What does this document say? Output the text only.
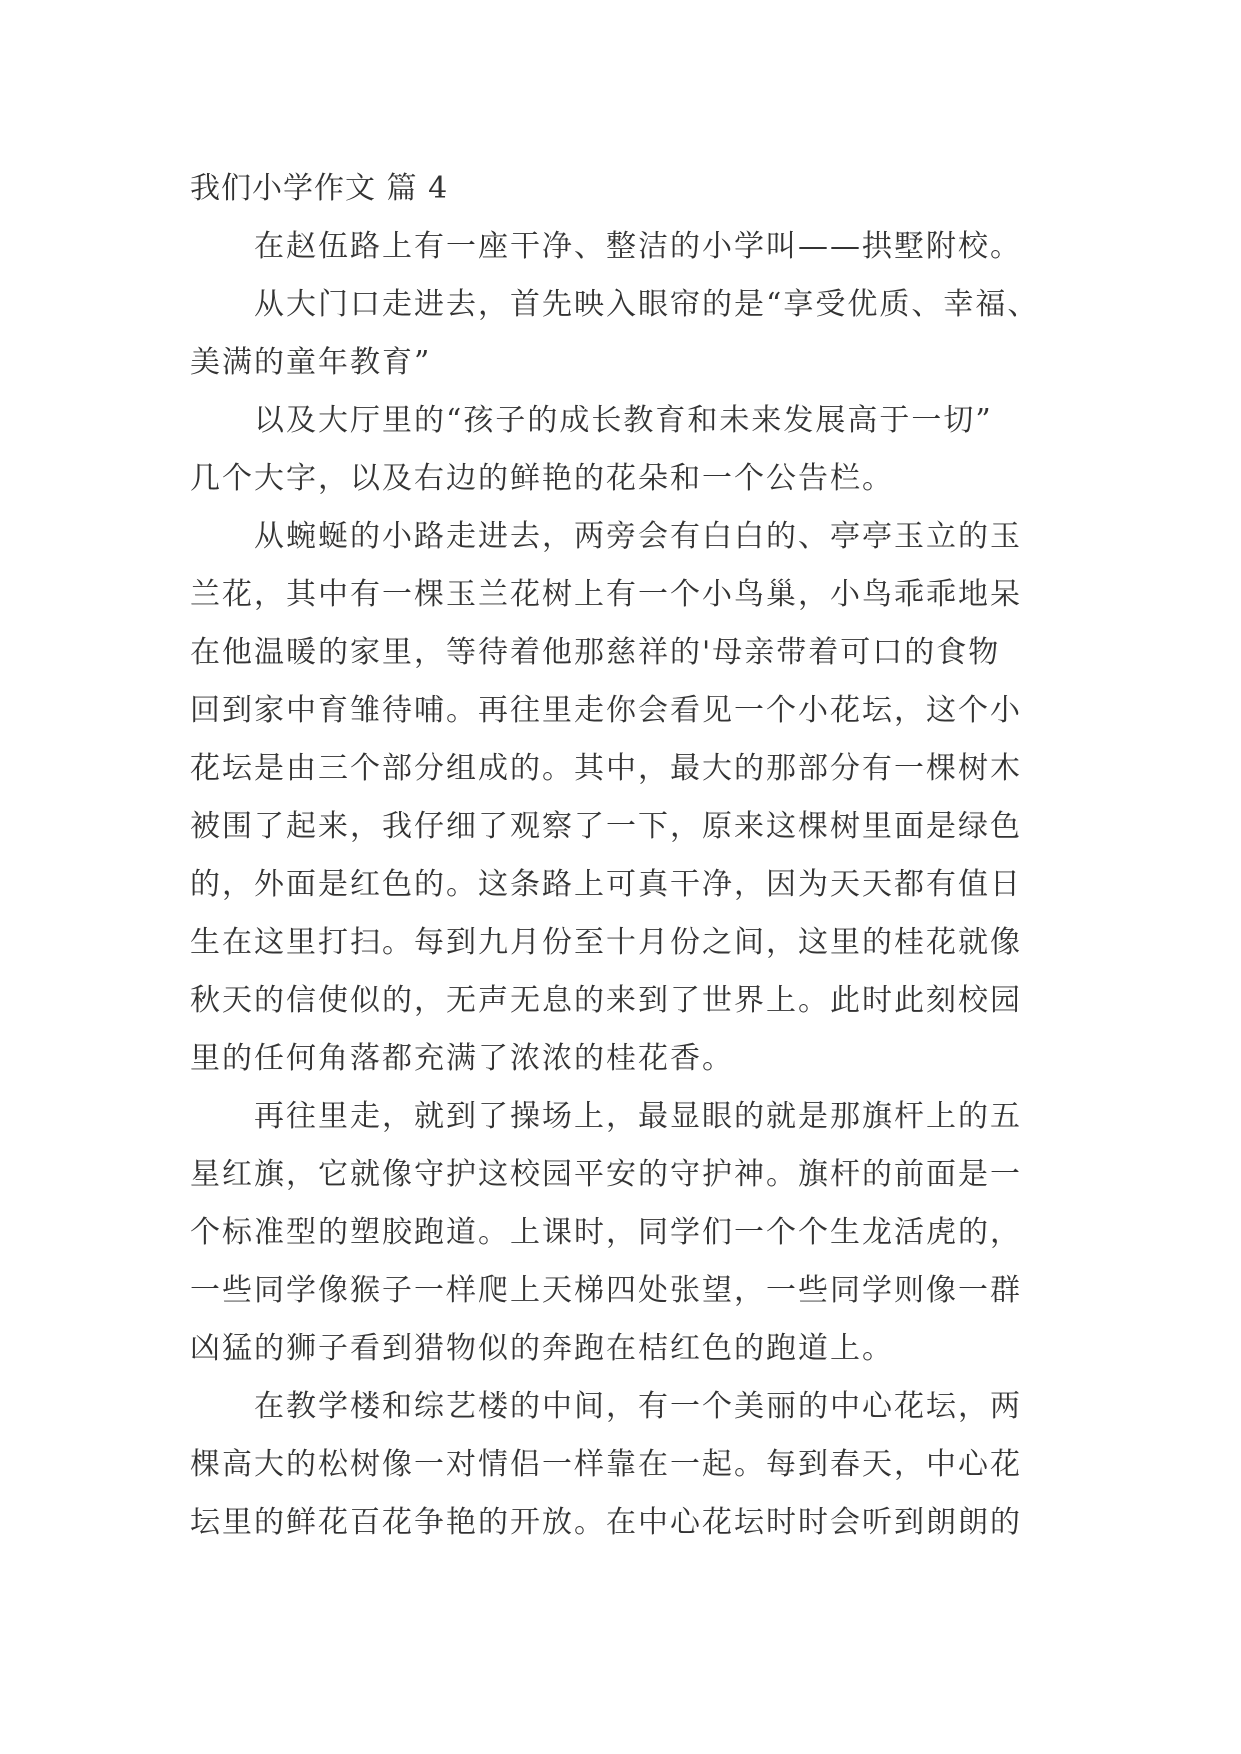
我们小学作文 篇 4
在赵伍路上有一座干净、整洁的小学叫——拱墅附校。
从大门口走进去，首先映入眼帘的是“享受优质、幸福、
美满的童年教育”
以及大厅里的“孩子的成长教育和未来发展高于一切”
几个大字，以及右边的鲜艳的花朵和一个公告栏。
从蜿蜒的小路走进去，两旁会有白白的、亭亭玉立的玉
兰花，其中有一棵玉兰花树上有一个小鸟巢，小鸟乖乖地呆
在他温暖的家里，等待着他那慈祥的'母亲带着可口的食物
回到家中育雏待哺。再往里走你会看见一个小花坛，这个小
花坛是由三个部分组成的。其中，最大的那部分有一棵树木
被围了起来，我仔细了观察了一下，原来这棵树里面是绿色
的，外面是红色的。这条路上可真干净，因为天天都有值日
生在这里打扫。每到九月份至十月份之间，这里的桂花就像
秋天的信使似的，无声无息的来到了世界上。此时此刻校园
里的任何角落都充满了浓浓的桂花香。
再往里走，就到了操场上，最显眼的就是那旗杆上的五
星红旗，它就像守护这校园平安的守护神。旗杆的前面是一
个标准型的塑胶跑道。上课时，同学们一个个生龙活虎的，
一些同学像猴子一样爬上天梯四处张望，一些同学则像一群
凶猛的狮子看到猎物似的奔跑在桔红色的跑道上。
在教学楼和综艺楼的中间，有一个美丽的中心花坛，两
棵高大的松树像一对情侣一样靠在一起。每到春天，中心花
坛里的鲜花百花争艳的开放。在中心花坛时时会听到朗朗的
